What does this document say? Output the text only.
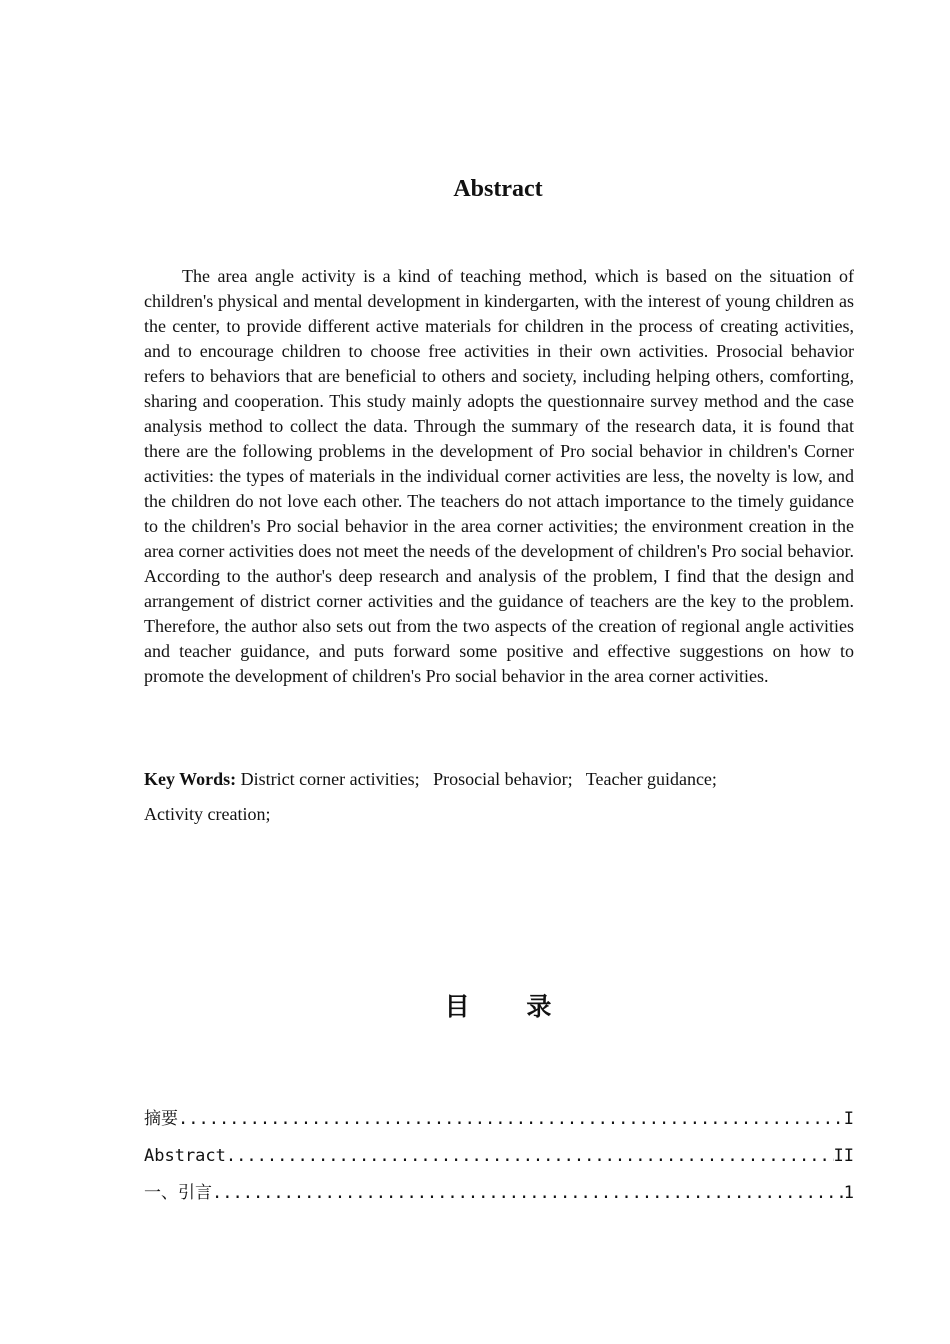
Abstract

The area angle activity is a kind of teaching method, which is based on the situation of children's physical and mental development in kindergarten, with the interest of young children as the center, to provide different active materials for children in the process of creating activities, and to encourage children to choose free activities in their own activities. Prosocial behavior refers to behaviors that are beneficial to others and society, including helping others, comforting, sharing and cooperation. This study mainly adopts the questionnaire survey method and the case analysis method to collect the data. Through the summary of the research data, it is found that there are the following problems in the development of Pro social behavior in children's Corner activities: the types of materials in the individual corner activities are less, the novelty is low, and the children do not love each other. The teachers do not attach importance to the timely guidance to the children's Pro social behavior in the area corner activities; the environment creation in the area corner activities does not meet the needs of the development of children's Pro social behavior. According to the author's deep research and analysis of the problem, I find that the design and arrangement of district corner activities and the guidance of teachers are the key to the problem. Therefore, the author also sets out from the two aspects of the creation of regional angle activities and teacher guidance, and puts forward some positive and effective suggestions on how to promote the development of children's Pro social behavior in the area corner activities.

Key Words: District corner activities; Prosocial behavior; Teacher guidance;
Activity creation;

目 录
摘要 .....	I
Abstract .....	II
一、引言 .....	1
